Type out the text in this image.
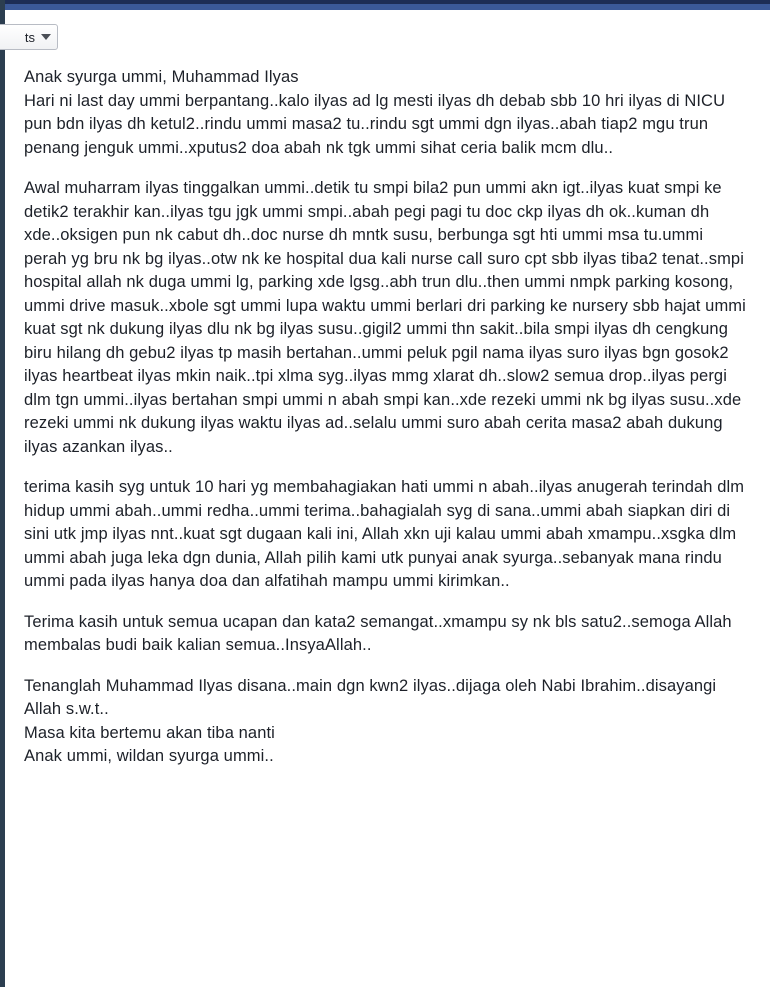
ts

Anak syurga ummi, Muhammad Ilyas

Hari ni last day ummi berpantang..kalo ilyas ad lg mesti ilyas dh debab sbb 10 hri ilyas di NICU pun bdn ilyas dh ketul2..rindu ummi masa2 tu..rindu sgt ummi dgn ilyas..abah tiap2 mgu trun penang jenguk ummi..xputus2 doa abah nk tgk ummi sihat ceria balik mcm dlu..

Awal muharram ilyas tinggalkan ummi..detik tu smpi bila2 pun ummi akn igt..ilyas kuat smpi ke detik2 terakhir kan..ilyas tgu jgk ummi smpi..abah pegi pagi tu doc ckp ilyas dh ok..kuman dh xde..oksigen pun nk cabut dh..doc nurse dh mntk susu, berbunga sgt hti ummi msa tu.ummi perah yg bru nk bg ilyas..otw nk ke hospital dua kali nurse call suro cpt sbb ilyas tiba2 tenat..smpi hospital allah nk duga ummi lg, parking xde lgsg..abh trun dlu..then ummi nmpk parking kosong, ummi drive masuk..xbole sgt ummi lupa waktu ummi berlari dri parking ke nursery sbb hajat ummi kuat sgt nk dukung ilyas dlu nk bg ilyas susu..gigil2 ummi thn sakit..bila smpi ilyas dh cengkung biru hilang dh gebu2 ilyas tp masih bertahan..ummi peluk pgil nama ilyas suro ilyas bgn gosok2 ilyas heartbeat ilyas mkin naik..tpi xlma syg..ilyas mmg xlarat dh..slow2 semua drop..ilyas pergi dlm tgn ummi..ilyas bertahan smpi ummi n abah smpi kan..xde rezeki ummi nk bg ilyas susu..xde rezeki ummi nk dukung ilyas waktu ilyas ad..selalu ummi suro abah cerita masa2 abah dukung ilyas azankan ilyas..

terima kasih syg untuk 10 hari yg membahagiakan hati ummi n abah..ilyas anugerah terindah dlm hidup ummi abah..ummi redha..ummi terima..bahagialah syg di sana..ummi abah siapkan diri di sini utk jmp ilyas nnt..kuat sgt dugaan kali ini, Allah xkn uji kalau ummi abah xmampu..xsgka dlm ummi abah juga leka dgn dunia, Allah pilih kami utk punyai anak syurga..sebanyak mana rindu ummi pada ilyas hanya doa dan alfatihah mampu ummi kirimkan..

Terima kasih untuk semua ucapan dan kata2 semangat..xmampu sy nk bls satu2..semoga Allah membalas budi baik kalian semua..InsyaAllah..

Tenanglah Muhammad Ilyas disana..main dgn kwn2 ilyas..dijaga oleh Nabi Ibrahim..disayangi Allah s.w.t..

Masa kita bertemu akan tiba nanti

Anak ummi, wildan syurga ummi..
